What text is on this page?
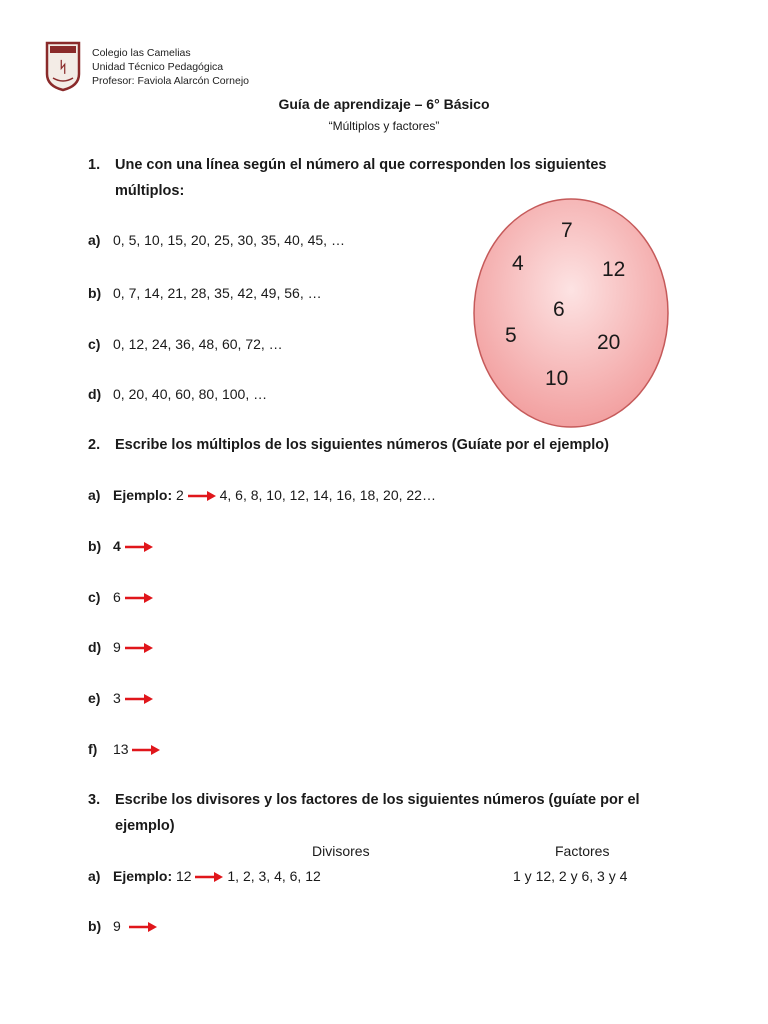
ᛋ
Colegio las Camelias
Unidad Técnico Pedagógica
Profesor: Faviola Alarcón Cornejo
Guía de aprendizaje – 6° Básico
“Múltiplos y factores”
1. Une con una línea según el número al que corresponden los siguientes
múltiplos:
a) 0, 5, 10, 15, 20, 25, 30, 35, 40, 45, …
b) 0, 7, 14, 21, 28, 35, 42, 49, 56, …
c) 0, 12, 24, 36, 48, 60, 72, …
d) 0, 20, 40, 60, 80, 100, …
7
4	12
6
5	20
10
2. Escribe los múltiplos de los siguientes números (Guíate por el ejemplo)
a) Ejemplo: 2	4, 6, 8, 10, 12, 14, 16, 18, 20, 22…
b) 4
c) 6
d) 9
e) 3
f) 13
3. Escribe los divisores y los factores de los siguientes números (guíate por el
ejemplo)
Divisores	Factores
a) Ejemplo: 12	1, 2, 3, 4, 6, 12	1 y 12, 2 y 6, 3 y 4
b) 9
